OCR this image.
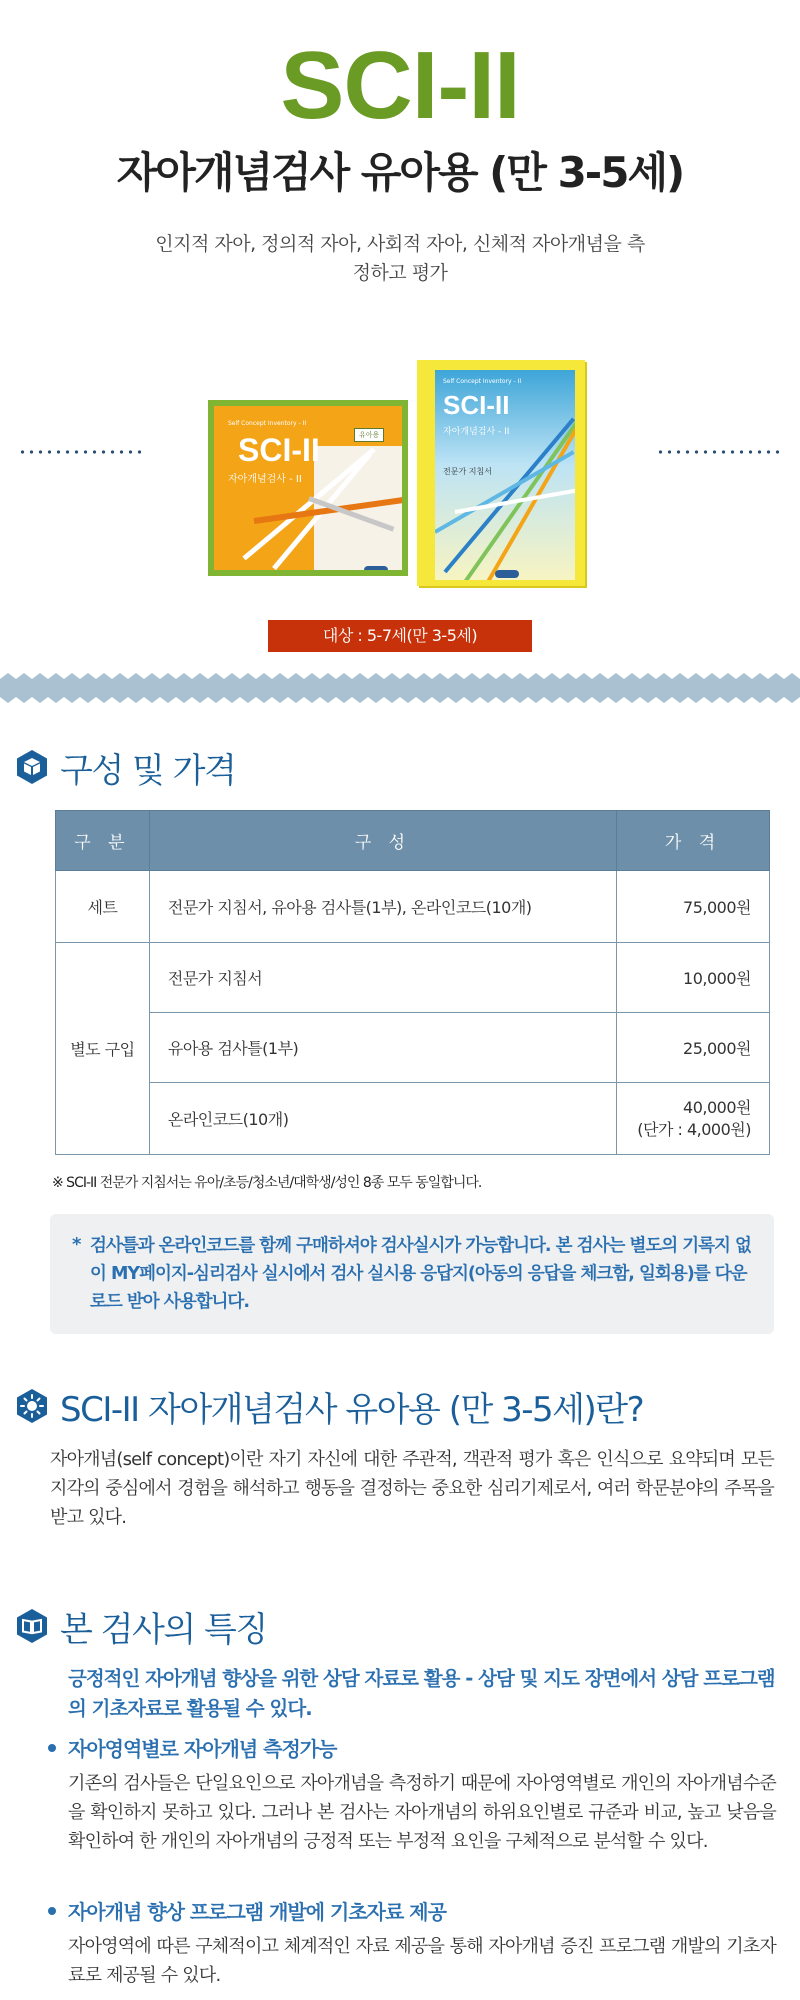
SCI-II
자아개념검사 유아용 (만 3-5세)
인지적 자아, 정의적 자아, 사회적 자아, 신체적 자아개념을 측정하고 평가
Self Concept Inventory - II
SCI-II
자아개념검사 - II
유아용
Self Concept Inventory - II
SCI-II
자아개념검사 - II
전문가 지침서
대상 : 5-7세(만 3-5세)
구성 및 가격
구 분	구 성	가 격
세트	전문가 지침서, 유아용 검사틀(1부), 온라인코드(10개)	75,000원
별도 구입	전문가 지침서	10,000원
	유아용 검사틀(1부)	25,000원
	온라인코드(10개)	40,000원
(단가 : 4,000원)
※ SCI-II 전문가 지침서는 유아/초등/청소년/대학생/성인 8종 모두 동일합니다.
* 검사틀과 온라인코드를 함께 구매하셔야 검사실시가 가능합니다. 본 검사는 별도의 기록지 없이 MY페이지-심리검사 실시에서 검사 실시용 응답지(아동의 응답을 체크함, 일회용)를 다운로드 받아 사용합니다.
SCI-II 자아개념검사 유아용 (만 3-5세)란?
자아개념(self concept)이란 자기 자신에 대한 주관적, 객관적 평가 혹은 인식으로 요약되며 모든 지각의 중심에서 경험을 해석하고 행동을 결정하는 중요한 심리기제로서, 여러 학문분야의 주목을 받고 있다.
본 검사의 특징
긍정적인 자아개념 향상을 위한 상담 자료로 활용 - 상담 및 지도 장면에서 상담 프로그램의 기초자료로 활용될 수 있다.
자아영역별로 자아개념 측정가능
기존의 검사들은 단일요인으로 자아개념을 측정하기 때문에 자아영역별로 개인의 자아개념수준을 확인하지 못하고 있다. 그러나 본 검사는 자아개념의 하위요인별로 규준과 비교, 높고 낮음을 확인하여 한 개인의 자아개념의 긍정적 또는 부정적 요인을 구체적으로 분석할 수 있다.
자아개념 향상 프로그램 개발에 기초자료 제공
자아영역에 따른 구체적이고 체계적인 자료 제공을 통해 자아개념 증진 프로그램 개발의 기초자료로 제공될 수 있다.
